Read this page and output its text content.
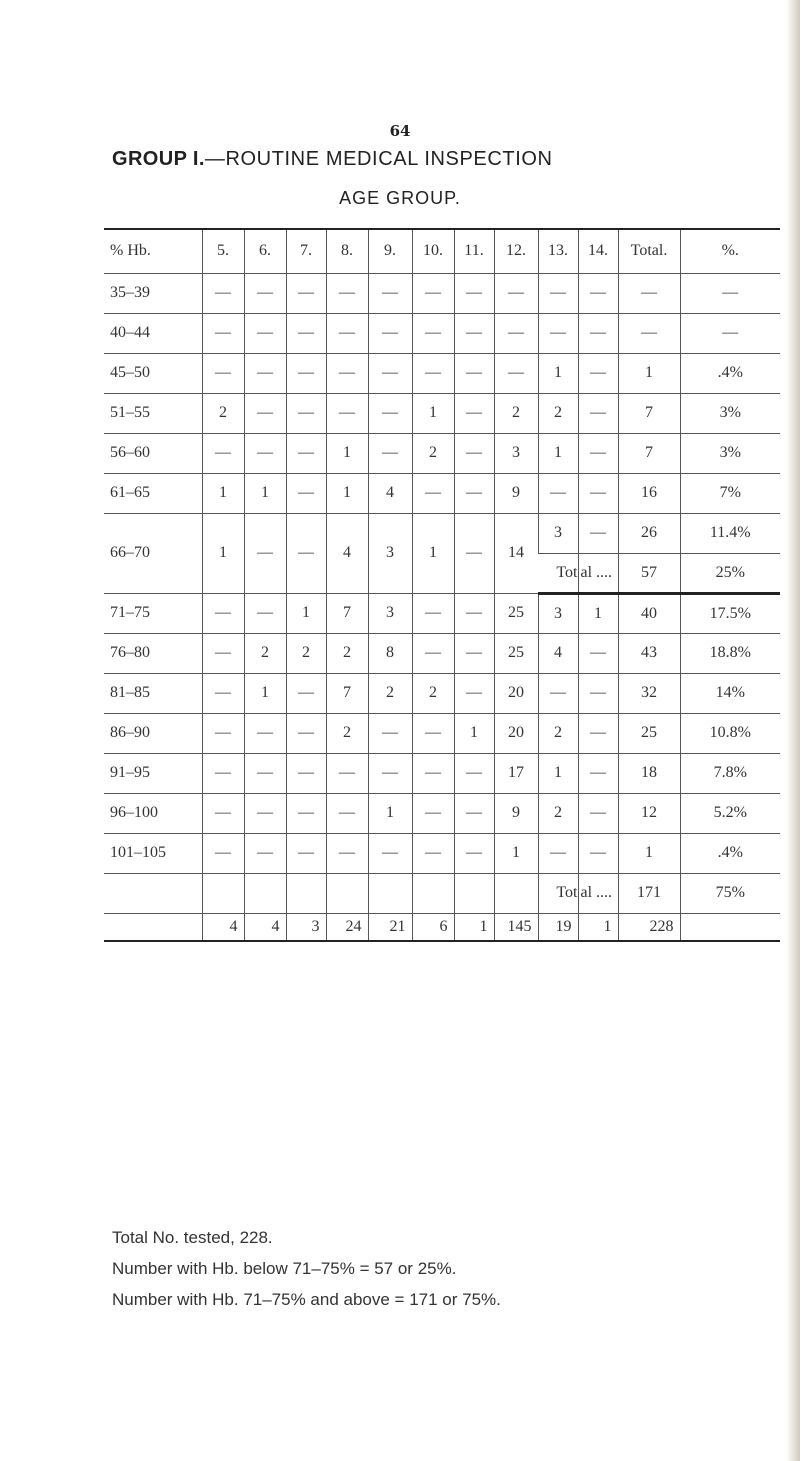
64
GROUP I.—ROUTINE MEDICAL INSPECTION
AGE GROUP.
% Hb.	5.	6.	7.	8.	9.	10.	11.	12.	13.	14.	Total.	%.
35–39	—	—	—	—	—	—	—	—	—	—	—	—
40–44	—	—	—	—	—	—	—	—	—	—	—	—
45–50	—	—	—	—	—	—	—	—	1	—	1	.4%
51–55	2	—	—	—	—	1	—	2	2	—	7	3%
56–60	—	—	—	1	—	2	—	3	1	—	7	3%
61–65	1	1	—	1	4	—	—	9	—	—	16	7%
66–70	1	—	—	4	3	1	—	14	3	—	26	11.4%
									Tot	al ....	57	25%
71–75	—	—	1	7	3	—	—	25	3	1	40	17.5%
76–80	—	2	2	2	8	—	—	25	4	—	43	18.8%
81–85	—	1	—	7	2	2	—	20	—	—	32	14%
86–90	—	—	—	2	—	—	1	20	2	—	25	10.8%
91–95	—	—	—	—	—	—	—	17	1	—	18	7.8%
96–100	—	—	—	—	1	—	—	9	2	—	12	5.2%
101–105	—	—	—	—	—	—	—	1	—	—	1	.4%
									Tot	al ....	171	75%
	4	4	3	24	21	6	1	145	19	1	228	
Total No. tested, 228.
Number with Hb. below 71–75% = 57 or 25%.
Number with Hb. 71–75% and above = 171 or 75%.
